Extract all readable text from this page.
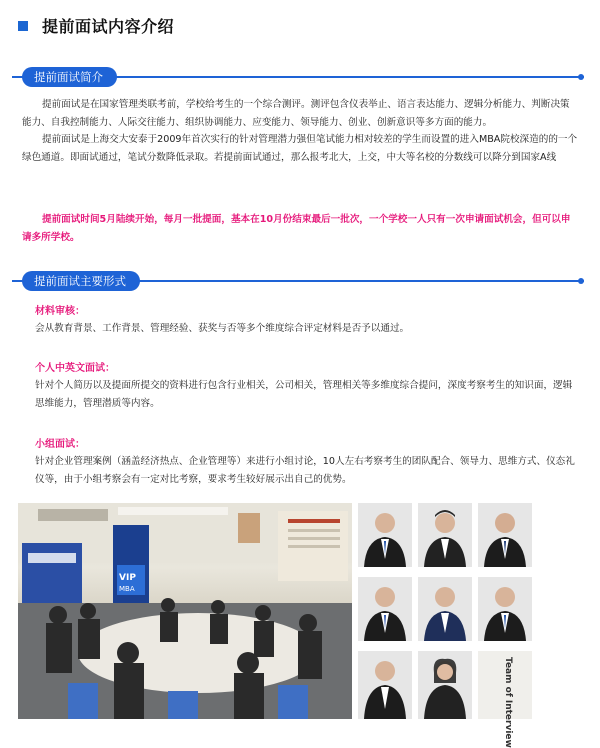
提前面试内容介绍
提前面试简介

提前面试是在国家管理类联考前，学校给考生的一个综合测评。测评包含仪表举止、语言表达能力、逻辑分析能力、判断决策能力、自我控制能力、人际交往能力、组织协调能力、应变能力、领导能力、创业、创新意识等多方面的能力。

提前面试是上海交大安泰于2009年首次实行的针对管理潜力强但笔试能力相对较差的学生而设置的进入MBA院校深造的的一个绿色通道。即面试通过，笔试分数降低录取。若提前面试通过，那么报考北大，上交，中大等名校的分数线可以降分到国家A线

提前面试时间5月陆续开始，每月一批提面，基本在10月份结束最后一批次，一个学校一人只有一次申请面试机会，但可以申请多所学校。

提前面试主要形式
材料审核：

会从教育背景、工作背景、管理经验、获奖与否等多个维度综合评定材料是否予以通过。

个人中英文面试：

针对个人简历以及提面所提交的资料进行包含行业相关，公司相关，管理相关等多维度综合提问，深度考察考生的知识面，逻辑思维能力，管理潜质等内容。

小组面试：

针对企业管理案例（涵盖经济热点、企业管理等）来进行小组讨论，10人左右考察考生的团队配合、领导力、思维方式、仪态礼仪等，由于小组考察会有一定对比考察，要求考生较好展示出自己的优势。

VIP
MBA
Team of Interview
